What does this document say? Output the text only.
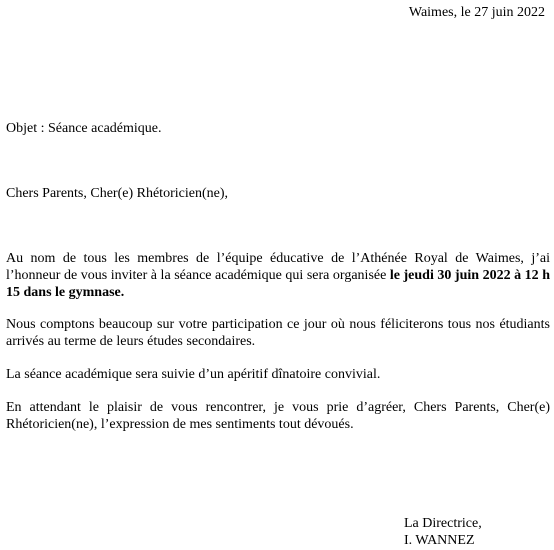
Waimes, le 27 juin 2022

Objet : Séance académique.

Chers Parents, Cher(e) Rhétoricien(ne),

Au nom de tous les membres de l’équipe éducative de l’Athénée Royal de Waimes, j’ai l’honneur de vous inviter à la séance académique qui sera organisée le jeudi 30 juin 2022 à 12 h 15 dans le gymnase.

Nous comptons beaucoup sur votre participation ce jour où nous féliciterons tous nos étudiants arrivés au terme de leurs études secondaires.

La séance académique sera suivie d’un apéritif dînatoire convivial.

En attendant le plaisir de vous rencontrer, je vous prie d’agréer, Chers Parents, Cher(e) Rhétoricien(ne), l’expression de mes sentiments tout dévoués.

La Directrice,
I. WANNEZ
